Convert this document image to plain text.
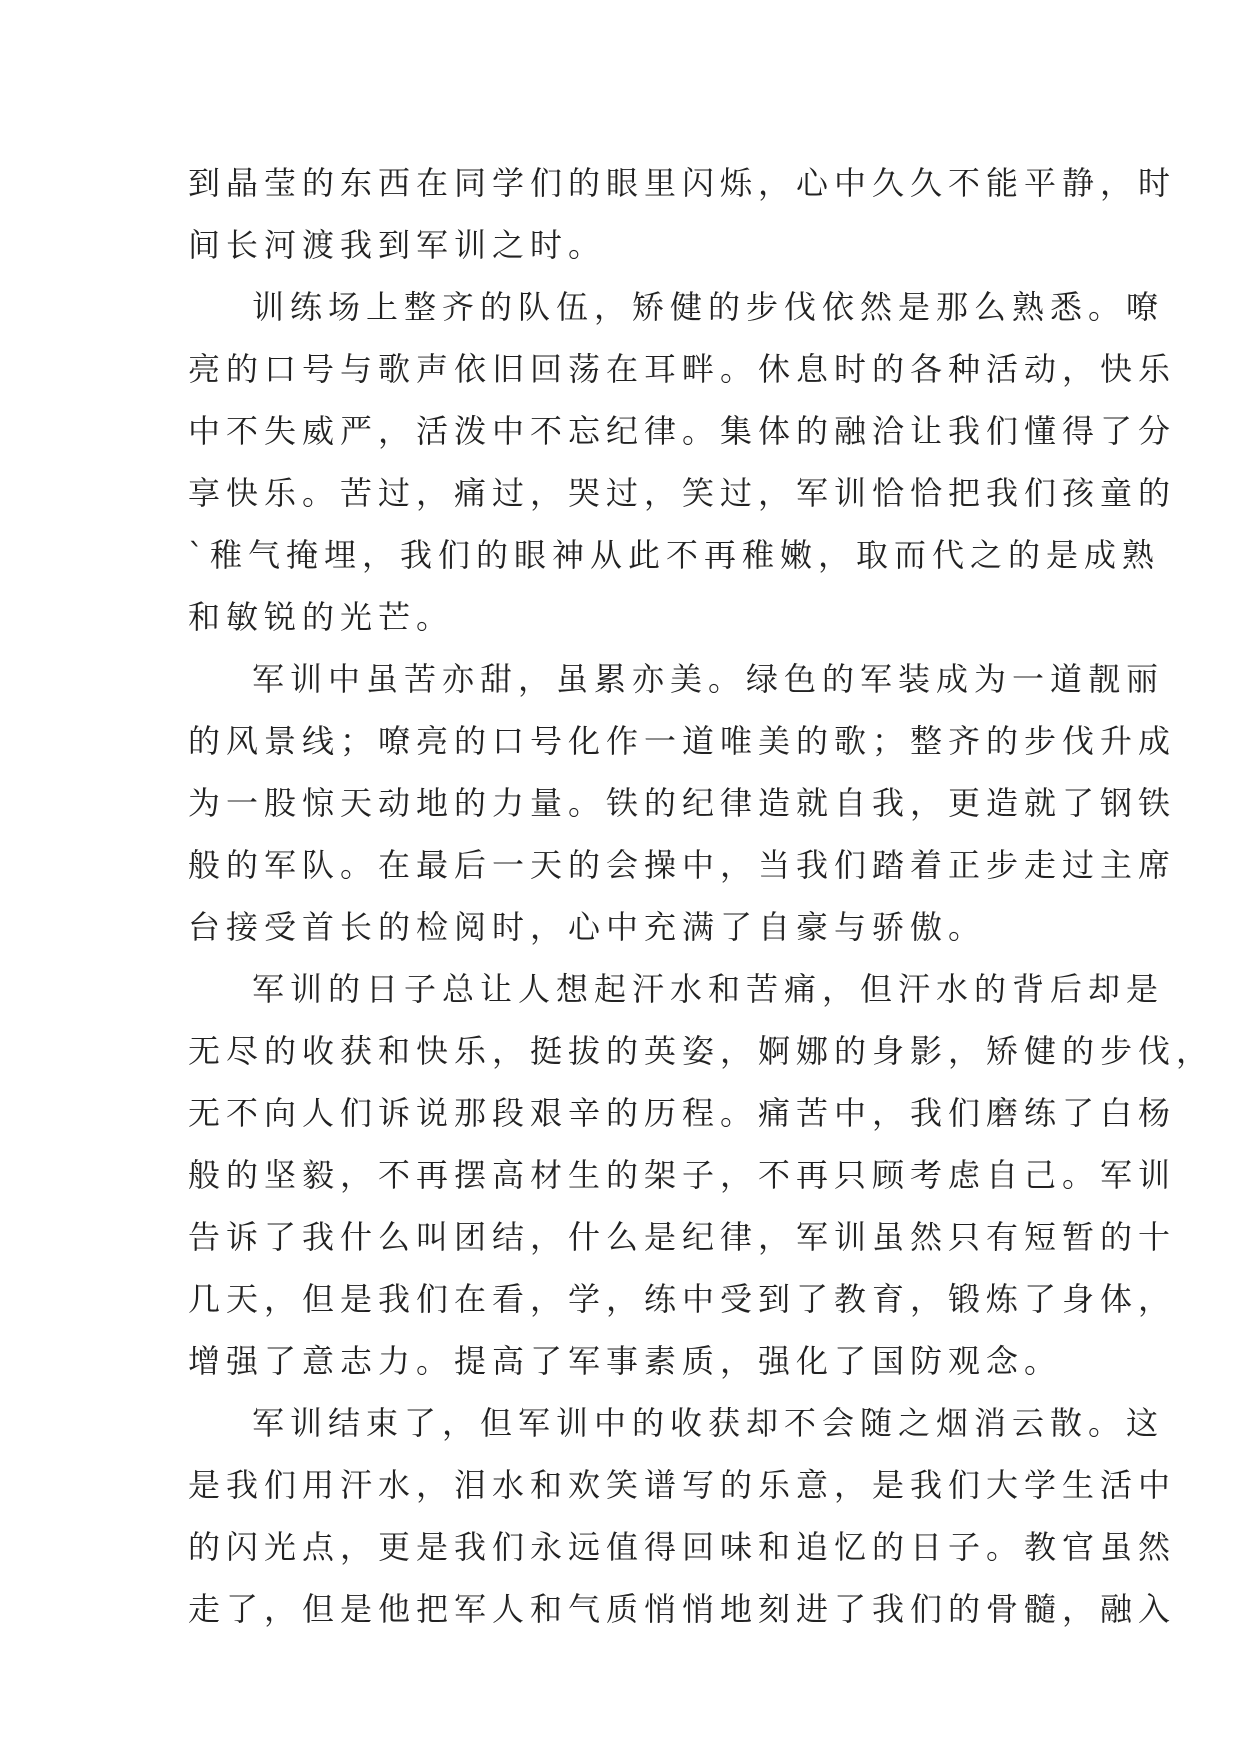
到晶莹的东西在同学们的眼里闪烁，心中久久不能平静，时
间长河渡我到军训之时。
训练场上整齐的队伍，矫健的步伐依然是那么熟悉。嘹
亮的口号与歌声依旧回荡在耳畔。休息时的各种活动，快乐
中不失威严，活泼中不忘纪律。集体的融洽让我们懂得了分
享快乐。苦过，痛过，哭过，笑过，军训恰恰把我们孩童的
`稚气掩埋，我们的眼神从此不再稚嫩，取而代之的是成熟
和敏锐的光芒。
军训中虽苦亦甜，虽累亦美。绿色的军装成为一道靓丽
的风景线；嘹亮的口号化作一道唯美的歌；整齐的步伐升成
为一股惊天动地的力量。铁的纪律造就自我，更造就了钢铁
般的军队。在最后一天的会操中，当我们踏着正步走过主席
台接受首长的检阅时，心中充满了自豪与骄傲。
军训的日子总让人想起汗水和苦痛，但汗水的背后却是
无尽的收获和快乐，挺拔的英姿，婀娜的身影，矫健的步伐，
无不向人们诉说那段艰辛的历程。痛苦中，我们磨练了白杨
般的坚毅，不再摆高材生的架子，不再只顾考虑自己。军训
告诉了我什么叫团结，什么是纪律，军训虽然只有短暂的十
几天，但是我们在看，学，练中受到了教育，锻炼了身体，
增强了意志力。提高了军事素质，强化了国防观念。
军训结束了，但军训中的收获却不会随之烟消云散。这
是我们用汗水，泪水和欢笑谱写的乐意，是我们大学生活中
的闪光点，更是我们永远值得回味和追忆的日子。教官虽然
走了，但是他把军人和气质悄悄地刻进了我们的骨髓，融入
